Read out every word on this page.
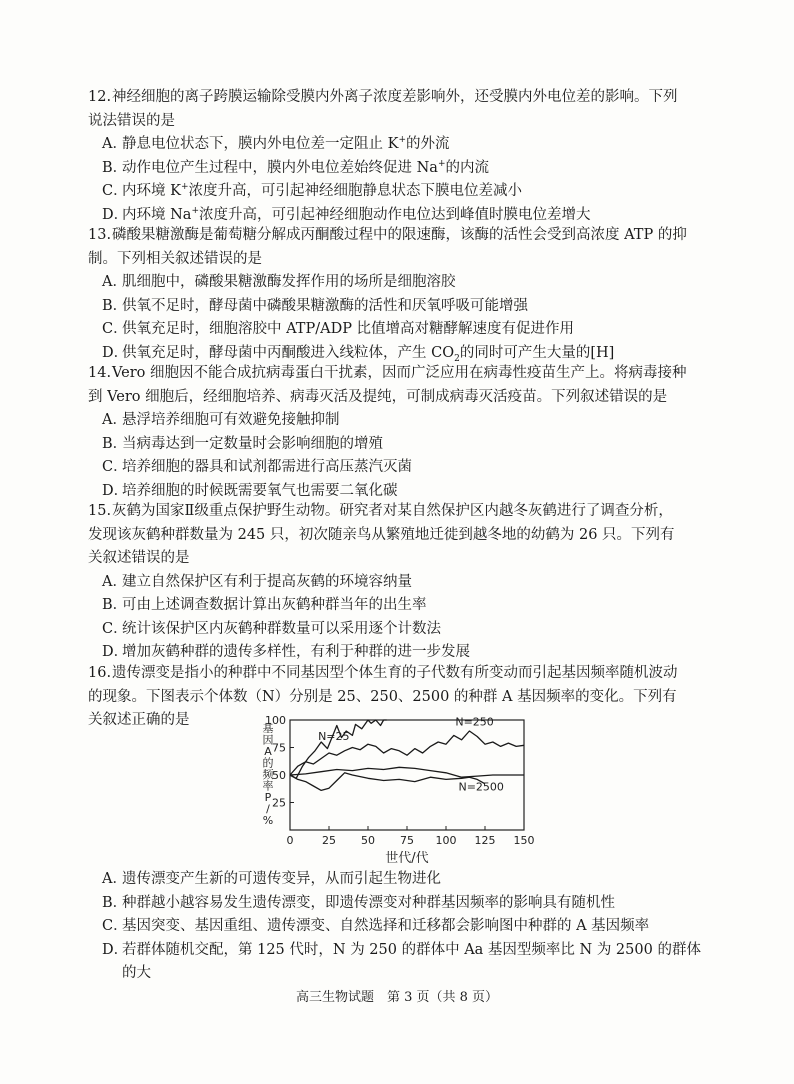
12.神经细胞的离子跨膜运输除受膜内外离子浓度差影响外，还受膜内外电位差的影响。下列

说法错误的是

A．静息电位状态下，膜内外电位差一定阻止 K+的外流

B．动作电位产生过程中，膜内外电位差始终促进 Na+的内流

C．内环境 K+浓度升高，可引起神经细胞静息状态下膜电位差减小

D．内环境 Na+浓度升高，可引起神经细胞动作电位达到峰值时膜电位差增大

13.磷酸果糖激酶是葡萄糖分解成丙酮酸过程中的限速酶，该酶的活性会受到高浓度 ATP 的抑

制。下列相关叙述错误的是

A．肌细胞中，磷酸果糖激酶发挥作用的场所是细胞溶胶

B．供氧不足时，酵母菌中磷酸果糖激酶的活性和厌氧呼吸可能增强

C．供氧充足时，细胞溶胶中 ATP/ADP 比值增高对糖酵解速度有促进作用

D．供氧充足时，酵母菌中丙酮酸进入线粒体，产生 $CO_2$的同时可产生大量的[H]

14.Vero 细胞因不能合成抗病毒蛋白干扰素，因而广泛应用在病毒性疫苗生产上。将病毒接种

到 Vero 细胞后，经细胞培养、病毒灭活及提纯，可制成病毒灭活疫苗。下列叙述错误的是

A．悬浮培养细胞可有效避免接触抑制

B．当病毒达到一定数量时会影响细胞的增殖

C．培养细胞的器具和试剂都需进行高压蒸汽灭菌

D．培养细胞的时候既需要氧气也需要二氧化碳

15.灰鹤为国家Ⅱ级重点保护野生动物。研究者对某自然保护区内越冬灰鹤进行了调查分析，

发现该灰鹤种群数量为 245 只，初次随亲鸟从繁殖地迁徙到越冬地的幼鹤为 26 只。下列有

关叙述错误的是

A．建立自然保护区有利于提高灰鹤的环境容纳量

B．可由上述调查数据计算出灰鹤种群当年的出生率

C．统计该保护区内灰鹤种群数量可以采用逐个计数法

D．增加灰鹤种群的遗传多样性，有利于种群的进一步发展

16.遗传漂变是指小的种群中不同基因型个体生育的子代数有所变动而引起基因频率随机波动

的现象。下图表示个体数（N）分别是 25、250、2500 的种群 A 基因频率的变化。下列有

关叙述正确的是

25
50
75
100
0	25 50 75 100 125 150
世代/代
基因 A 的频率 P / %
N=25
N=250
N=2500

A．遗传漂变产生新的可遗传变异，从而引起生物进化

B．种群越小越容易发生遗传漂变，即遗传漂变对种群基因频率的影响具有随机性

C．基因突变、基因重组、遗传漂变、自然选择和迁移都会影响图中种群的 A 基因频率

D．若群体随机交配，第 125 代时，N 为 250 的群体中 Aa 基因型频率比 N 为 2500 的群体

的大

高三生物试题　第 3 页（共 8 页）
